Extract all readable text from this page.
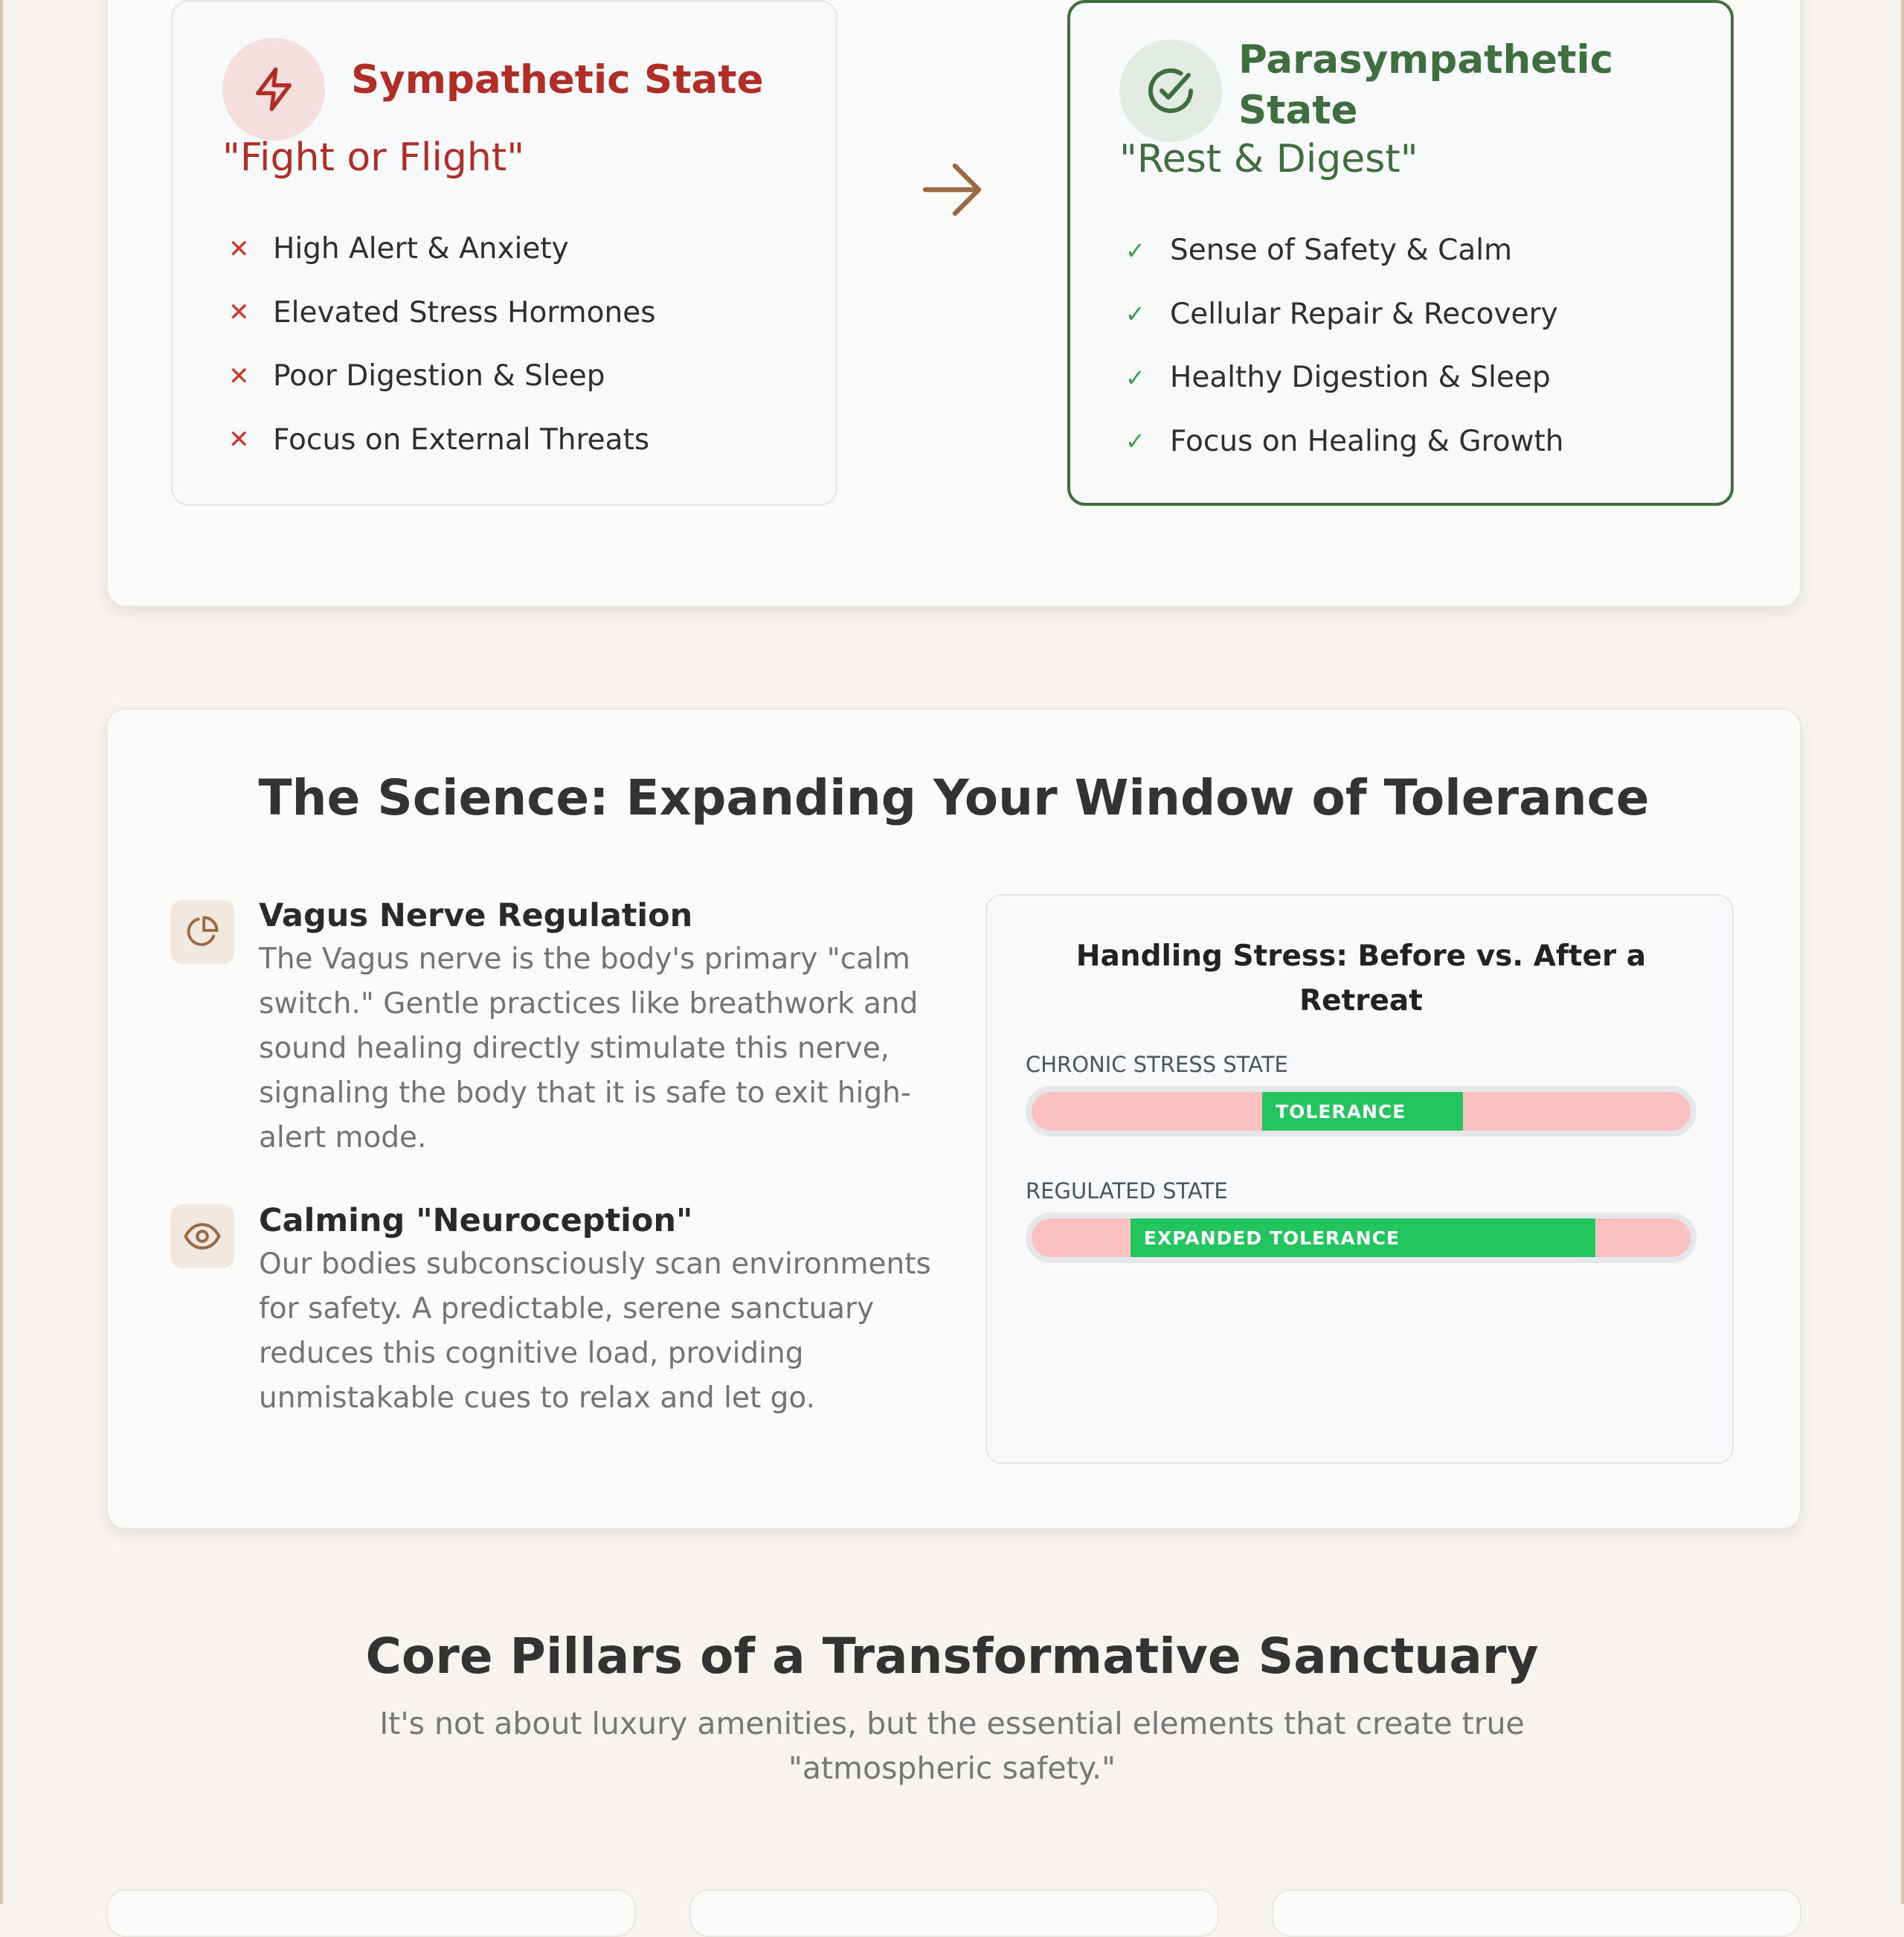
Sympathetic State
"Fight or Flight"
✕ High Alert & Anxiety
✕ Elevated Stress Hormones
✕ Poor Digestion & Sleep
✕ Focus on External Threats
Parasympathetic State
"Rest & Digest"
✓ Sense of Safety & Calm
✓ Cellular Repair & Recovery
✓ Healthy Digestion & Sleep
✓ Focus on Healing & Growth
The Science: Expanding Your Window of Tolerance
Vagus Nerve Regulation
The Vagus nerve is the body's primary "calm switch." Gentle practices like breathwork and sound healing directly stimulate this nerve, signaling the body that it is safe to exit high-alert mode.
Calming "Neuroception"
Our bodies subconsciously scan environments for safety. A predictable, serene sanctuary reduces this cognitive load, providing unmistakable cues to relax and let go.
Handling Stress: Before vs. After a Retreat
CHRONIC STRESS STATE
TOLERANCE
REGULATED STATE
EXPANDED TOLERANCE
Core Pillars of a Transformative Sanctuary

It's not about luxury amenities, but the essential elements that create true "atmospheric safety."
